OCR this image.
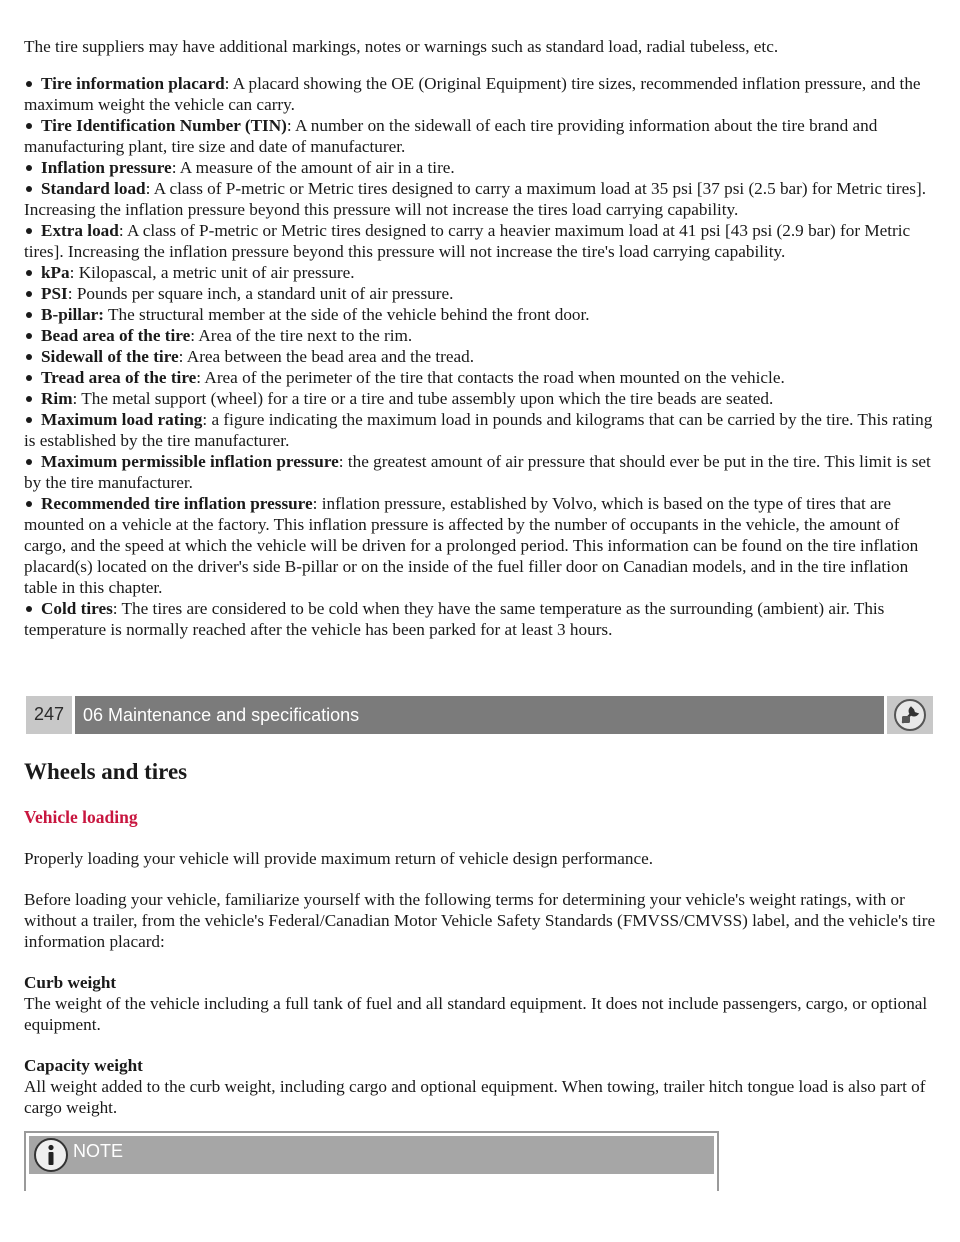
The tire suppliers may have additional markings, notes or warnings such as standard load, radial tubeless, etc.

Tire information placard: A placard showing the OE (Original Equipment) tire sizes, recommended inflation pressure, and the maximum weight the vehicle can carry.
Tire Identification Number (TIN): A number on the sidewall of each tire providing information about the tire brand and manufacturing plant, tire size and date of manufacturer.
Inflation pressure: A measure of the amount of air in a tire.
Standard load: A class of P-metric or Metric tires designed to carry a maximum load at 35 psi [37 psi (2.5 bar) for Metric tires]. Increasing the inflation pressure beyond this pressure will not increase the tires load carrying capability.
Extra load: A class of P-metric or Metric tires designed to carry a heavier maximum load at 41 psi [43 psi (2.9 bar) for Metric tires]. Increasing the inflation pressure beyond this pressure will not increase the tire's load carrying capability.
kPa: Kilopascal, a metric unit of air pressure.
PSI: Pounds per square inch, a standard unit of air pressure.
B-pillar: The structural member at the side of the vehicle behind the front door.
Bead area of the tire: Area of the tire next to the rim.
Sidewall of the tire: Area between the bead area and the tread.
Tread area of the tire: Area of the perimeter of the tire that contacts the road when mounted on the vehicle.
Rim: The metal support (wheel) for a tire or a tire and tube assembly upon which the tire beads are seated.
Maximum load rating: a figure indicating the maximum load in pounds and kilograms that can be carried by the tire. This rating is established by the tire manufacturer.
Maximum permissible inflation pressure: the greatest amount of air pressure that should ever be put in the tire. This limit is set by the tire manufacturer.
Recommended tire inflation pressure: inflation pressure, established by Volvo, which is based on the type of tires that are mounted on a vehicle at the factory. This inflation pressure is affected by the number of occupants in the vehicle, the amount of cargo, and the speed at which the vehicle will be driven for a prolonged period. This information can be found on the tire inflation placard(s) located on the driver's side B-pillar or on the inside of the fuel filler door on Canadian models, and in the tire inflation table in this chapter.
Cold tires: The tires are considered to be cold when they have the same temperature as the surrounding (ambient) air. This temperature is normally reached after the vehicle has been parked for at least 3 hours.
247	06 Maintenance and specifications
Wheels and tires
Vehicle loading

Properly loading your vehicle will provide maximum return of vehicle design performance.

Before loading your vehicle, familiarize yourself with the following terms for determining your vehicle's weight ratings, with or without a trailer, from the vehicle's Federal/Canadian Motor Vehicle Safety Standards (FMVSS/CMVSS) label, and the vehicle's tire information placard:

Curb weight

The weight of the vehicle including a full tank of fuel and all standard equipment. It does not include passengers, cargo, or optional equipment.

Capacity weight

All weight added to the curb weight, including cargo and optional equipment. When towing, trailer hitch tongue load is also part of cargo weight.

NOTE
